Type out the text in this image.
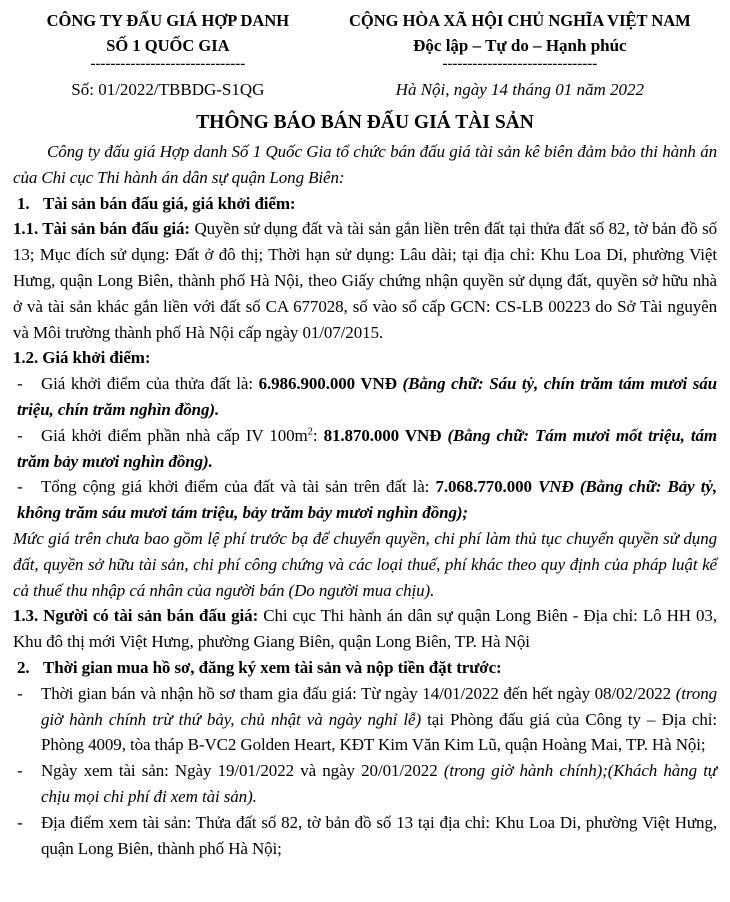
CÔNG TY ĐẤU GIÁ HỢP DANH
SỐ 1 QUỐC GIA
-------------------------------
Số: 01/2022/TBBDG-S1QG
CỘNG HÒA XÃ HỘI CHỦ NGHĨA VIỆT NAM
Độc lập – Tự do – Hạnh phúc
-------------------------------
Hà Nội, ngày 14 tháng 01 năm 2022
THÔNG BÁO BÁN ĐẤU GIÁ TÀI SẢN

Công ty đấu giá Hợp danh Số 1 Quốc Gia tổ chức bán đấu giá tài sản kê biên đảm bảo thi hành án của Chi cục Thi hành án dân sự quận Long Biên:

1. Tài sản bán đấu giá, giá khởi điểm:

1.1. Tài sản bán đấu giá: Quyền sử dụng đất và tài sản gắn liền trên đất tại thửa đất số 82, tờ bản đồ số 13; Mục đích sử dụng: Đất ở đô thị; Thời hạn sử dụng: Lâu dài; tại địa chỉ: Khu Loa Di, phường Việt Hưng, quận Long Biên, thành phố Hà Nội, theo Giấy chứng nhận quyền sử dụng đất, quyền sở hữu nhà ở và tài sản khác gắn liền với đất số CA 677028, số vào sổ cấp GCN: CS-LB 00223 do Sở Tài nguyên và Môi trường thành phố Hà Nội cấp ngày 01/07/2015.

1.2. Giá khởi điểm:

- Giá khởi điểm của thửa đất là: 6.986.900.000 VNĐ (Bằng chữ: Sáu tỷ, chín trăm tám mươi sáu triệu, chín trăm nghìn đồng).

- Giá khởi điểm phần nhà cấp IV $100m^2$: 81.870.000 VNĐ (Bằng chữ: Tám mươi mốt triệu, tám trăm bảy mươi nghìn đồng).

- Tổng cộng giá khởi điểm của đất và tài sản trên đất là: 7.068.770.000 VNĐ (Bằng chữ: Bảy tỷ, không trăm sáu mươi tám triệu, bảy trăm bảy mươi nghìn đồng);

Mức giá trên chưa bao gồm lệ phí trước bạ để chuyển quyền, chi phí làm thủ tục chuyển quyền sử dụng đất, quyền sở hữu tài sản, chi phí công chứng và các loại thuế, phí khác theo quy định của pháp luật kể cả thuế thu nhập cá nhân của người bán (Do người mua chịu).

1.3. Người có tài sản bán đấu giá: Chi cục Thi hành án dân sự quận Long Biên - Địa chỉ: Lô HH 03, Khu đô thị mới Việt Hưng, phường Giang Biên, quận Long Biên, TP. Hà Nội

2. Thời gian mua hồ sơ, đăng ký xem tài sản và nộp tiền đặt trước:

-	Thời gian bán và nhận hồ sơ tham gia đấu giá: Từ ngày 14/01/2022 đến hết ngày 08/02/2022 (trong giờ hành chính trừ thứ bảy, chủ nhật và ngày nghỉ lễ) tại Phòng đấu giá của Công ty – Địa chỉ: Phòng 4009, tòa tháp B-VC2 Golden Heart, KĐT Kim Văn Kim Lũ, quận Hoàng Mai, TP. Hà Nội;

-	Ngày xem tài sản: Ngày 19/01/2022 và ngày 20/01/2022 (trong giờ hành chính);(Khách hàng tự chịu mọi chi phí đi xem tài sản).

-	Địa điểm xem tài sản: Thửa đất số 82, tờ bản đồ số 13 tại địa chỉ: Khu Loa Di, phường Việt Hưng, quận Long Biên, thành phố Hà Nội;
